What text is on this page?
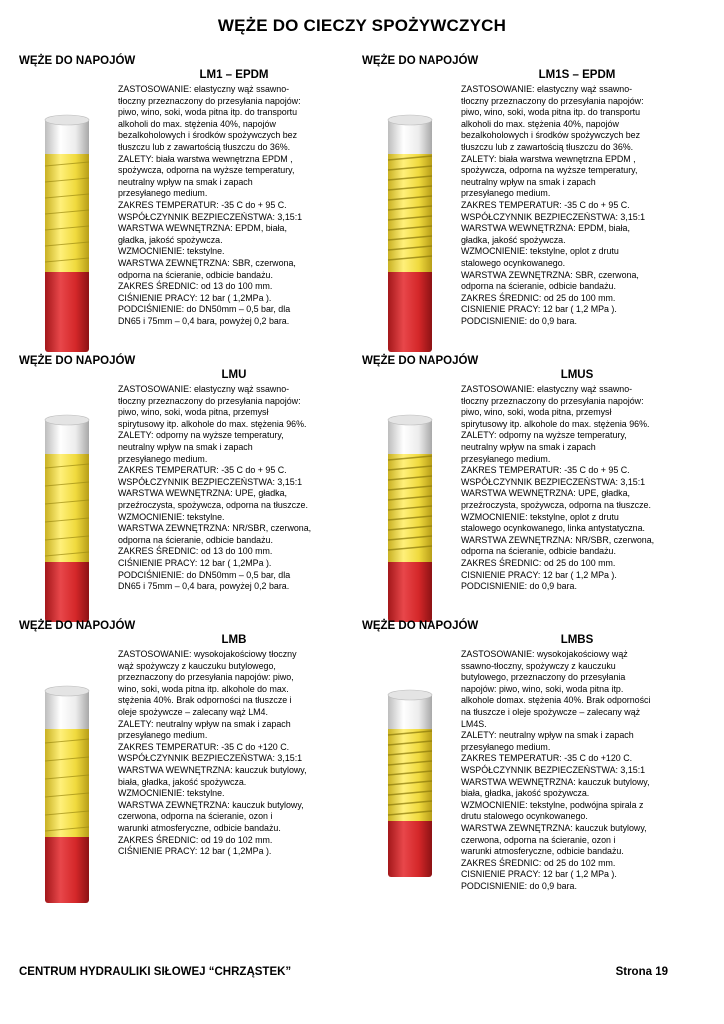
WĘŻE DO CIECZY SPOŻYWCZYCH
WĘŻE DO NAPOJÓW
LM1 – EPDM
ZASTOSOWANIE: elastyczny wąż ssawno-
tłoczny przeznaczony do przesyłania napojów:
piwo, wino, soki, woda pitna itp. do transportu
alkoholi do max. stężenia 40%, napojów
bezalkoholowych i środków spożywczych bez
tłuszczu lub z zawartością tłuszczu do 36%.
ZALETY: biała warstwa wewnętrzna EPDM ,
spożywcza, odporna na wyższe temperatury,
neutralny wpływ na smak i zapach
przesyłanego medium.
ZAKRES TEMPERATUR: -35 C do + 95 C.
WSPÓŁCZYNNIK BEZPIECZEŃSTWA: 3,15:1
WARSTWA WEWNĘTRZNA: EPDM, biała,
gładka, jakość spożywcza.
WZMOCNIENIE: tekstylne.
WARSTWA ZEWNĘTRZNA: SBR, czerwona,
odporna na ścieranie, odbicie bandażu.
ZAKRES ŚREDNIC: od 13 do 100 mm.
CIŚNIENIE PRACY: 12 bar ( 1,2MPa ).
PODCIŚNIENIE: do DN50mm – 0,5 bar, dla
DN65 i 75mm – 0,4 bara, powyżej 0,2 bara.
WĘŻE DO NAPOJÓW
LM1S – EPDM
ZASTOSOWANIE: elastyczny wąż ssawno-
tłoczny przeznaczony do przesyłania napojów:
piwo, wino, soki, woda pitna itp. do transportu
alkoholi do max. stężenia 40%, napojów
bezalkoholowych i środków spożywczych bez
tłuszczu lub z zawartością tłuszczu do 36%.
ZALETY: biała warstwa wewnętrzna EPDM ,
spożywcza, odporna na wyższe temperatury,
neutralny wpływ na smak i zapach
przesyłanego medium.
ZAKRES TEMPERATUR: -35 C do + 95 C.
WSPÓŁCZYNNIK BEZPIECZEŃSTWA: 3,15:1
WARSTWA WEWNĘTRZNA: EPDM, biała,
gładka, jakość spożywcza.
WZMOCNIENIE: tekstylne, oplot z drutu
stalowego ocynkowanego.
WARSTWA ZEWNĘTRZNA: SBR, czerwona,
odporna na ścieranie, odbicie bandażu.
ZAKRES ŚREDNIC: od 25 do 100 mm.
CISNIENIE PRACY: 12 bar ( 1,2 MPa ).
PODCISNIENIE: do 0,9 bara.
WĘŻE DO NAPOJÓW
LMU
ZASTOSOWANIE: elastyczny wąż ssawno-
tłoczny przeznaczony do przesyłania napojów:
piwo, wino, soki, woda pitna, przemysł
spirytusowy itp. alkohole do max. stężenia 96%.
ZALETY: odporny na wyższe temperatury,
neutralny wpływ na smak i zapach
przesyłanego medium.
ZAKRES TEMPERATUR: -35 C do + 95 C.
WSPÓŁCZYNNIK BEZPIECZEŃSTWA: 3,15:1
WARSTWA WEWNĘTRZNA: UPE, gładka,
przeźroczysta, spożywcza, odporna na tłuszcze.
WZMOCNIENIE: tekstylne.
WARSTWA ZEWNĘTRZNA: NR/SBR, czerwona,
odporna na ścieranie, odbicie bandażu.
ZAKRES ŚREDNIC: od 13 do 100 mm.
CIŚNIENIE PRACY: 12 bar ( 1,2MPa ).
PODCIŚNIENIE: do DN50mm – 0,5 bar, dla
DN65 i 75mm – 0,4 bara, powyżej 0,2 bara.
WĘŻE DO NAPOJÓW
LMUS
ZASTOSOWANIE: elastyczny wąż ssawno-
tłoczny przeznaczony do przesyłania napojów:
piwo, wino, soki, woda pitna, przemysł
spirytusowy itp. alkohole do max. stężenia 96%.
ZALETY: odporny na wyższe temperatury,
neutralny wpływ na smak i zapach
przesyłanego medium.
ZAKRES TEMPERATUR: -35 C do + 95 C.
WSPÓŁCZYNNIK BEZPIECZEŃSTWA: 3,15:1
WARSTWA WEWNĘTRZNA: UPE, gładka,
przeźroczysta, spożywcza, odporna na tłuszcze.
WZMOCNIENIE: tekstylne, oplot z drutu
stalowego ocynkowanego, linka antystatyczna.
WARSTWA ZEWNĘTRZNA: NR/SBR, czerwona,
odporna na ścieranie, odbicie bandażu.
ZAKRES ŚREDNIC: od 25 do 100 mm.
CISNIENIE PRACY: 12 bar ( 1,2 MPa ).
PODCISNIENIE: do 0,9 bara.
WĘŻE DO NAPOJÓW
LMB
ZASTOSOWANIE: wysokojakościowy tłoczny
wąż spożywczy z kauczuku butylowego,
przeznaczony do przesyłania napojów: piwo,
wino, soki, woda pitna itp. alkohole do max.
stężenia 40%. Brak odporności na tłuszcze i
oleje spożywcze – zalecany wąż LM4.
ZALETY: neutralny wpływ na smak i zapach
przesyłanego medium.
ZAKRES TEMPERATUR: -35 C do +120 C.
WSPÓŁCZYNNIK BEZPIECZEŃSTWA: 3,15:1
WARSTWA WEWNĘTRZNA: kauczuk butylowy,
biała, gładka, jakość spożywcza.
WZMOCNIENIE: tekstylne.
WARSTWA ZEWNĘTRZNA: kauczuk butylowy,
czerwona, odporna na ścieranie, ozon i
warunki atmosferyczne, odbicie bandażu.
ZAKRES ŚREDNIC: od 19 do 102 mm.
CIŚNIENIE PRACY: 12 bar ( 1,2MPa ).
WĘŻE DO NAPOJÓW
LMBS
ZASTOSOWANIE: wysokojakościowy wąż
ssawno-tłoczny, spożywczy z kauczuku
butylowego, przeznaczony do przesyłania
napojów: piwo, wino, soki, woda pitna itp.
alkohole domax. stężenia 40%. Brak odporności
na tłuszcze i oleje spożywcze – zalecany wąż
LM4S.
ZALETY: neutralny wpływ na smak i zapach
przesyłanego medium.
ZAKRES TEMPERATUR: -35 C do +120 C.
WSPÓŁCZYNNIK BEZPIECZEŃSTWA: 3,15:1
WARSTWA WEWNĘTRZNA: kauczuk butylowy,
biała, gładka, jakość spożywcza.
WZMOCNIENIE: tekstylne, podwójna spirala z
drutu stalowego ocynkowanego.
WARSTWA ZEWNĘTRZNA: kauczuk butylowy,
czerwona, odporna na ścieranie, ozon i
warunki atmosferyczne, odbicie bandażu.
ZAKRES ŚREDNIC: od 25 do 102 mm.
CISNIENIE PRACY: 12 bar ( 1,2 MPa ).
PODCISNIENIE: do 0,9 bara.
CENTRUM HYDRAULIKI SIŁOWEJ “CHRZĄSTEK”	Strona 19
